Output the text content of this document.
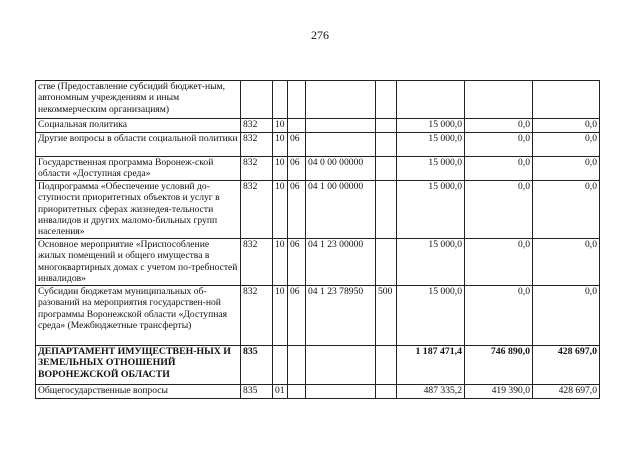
276
стве (Предоставление субсидий бюджет-ным, автономным учреждениям и иным некоммерческим организациям)								
Социальная политика	832	10				15 000,0	0,0	0,0
Другие вопросы в области социальной политики	832	10	06			15 000,0	0,0	0,0
Государственная программа Воронеж-ской области «Доступная среда»	832	10	06	04 0 00 00000		15 000,0	0,0	0,0
Подпрограмма «Обеспечение условий до-ступности приоритетных объектов и услуг в приоритетных сферах жизнедея-тельности инвалидов и других маломо-бильных групп населения»	832	10	06	04 1 00 00000		15 000,0	0,0	0,0
Основное мероприятие «Приспособление жилых помещений и общего имущества в многоквартирных домах с учетом по-требностей инвалидов»	832	10	06	04 1 23 00000		15 000,0	0,0	0,0
Субсидии бюджетам муниципальных об-разований на мероприятия государствен-ной программы Воронежской области «Доступная среда» (Межбюджетные трансферты)	832	10	06	04 1 23 78950	500	15 000,0	0,0	0,0
ДЕПАРТАМЕНТ ИМУЩЕСТВЕН-НЫХ И ЗЕМЕЛЬНЫХ ОТНОШЕНИЙ ВОРОНЕЖСКОЙ ОБЛАСТИ	835					1 187 471,4	746 890,0	428 697,0
Общегосударственные вопросы	835	01				487 335,2	419 390,0	428 697,0
